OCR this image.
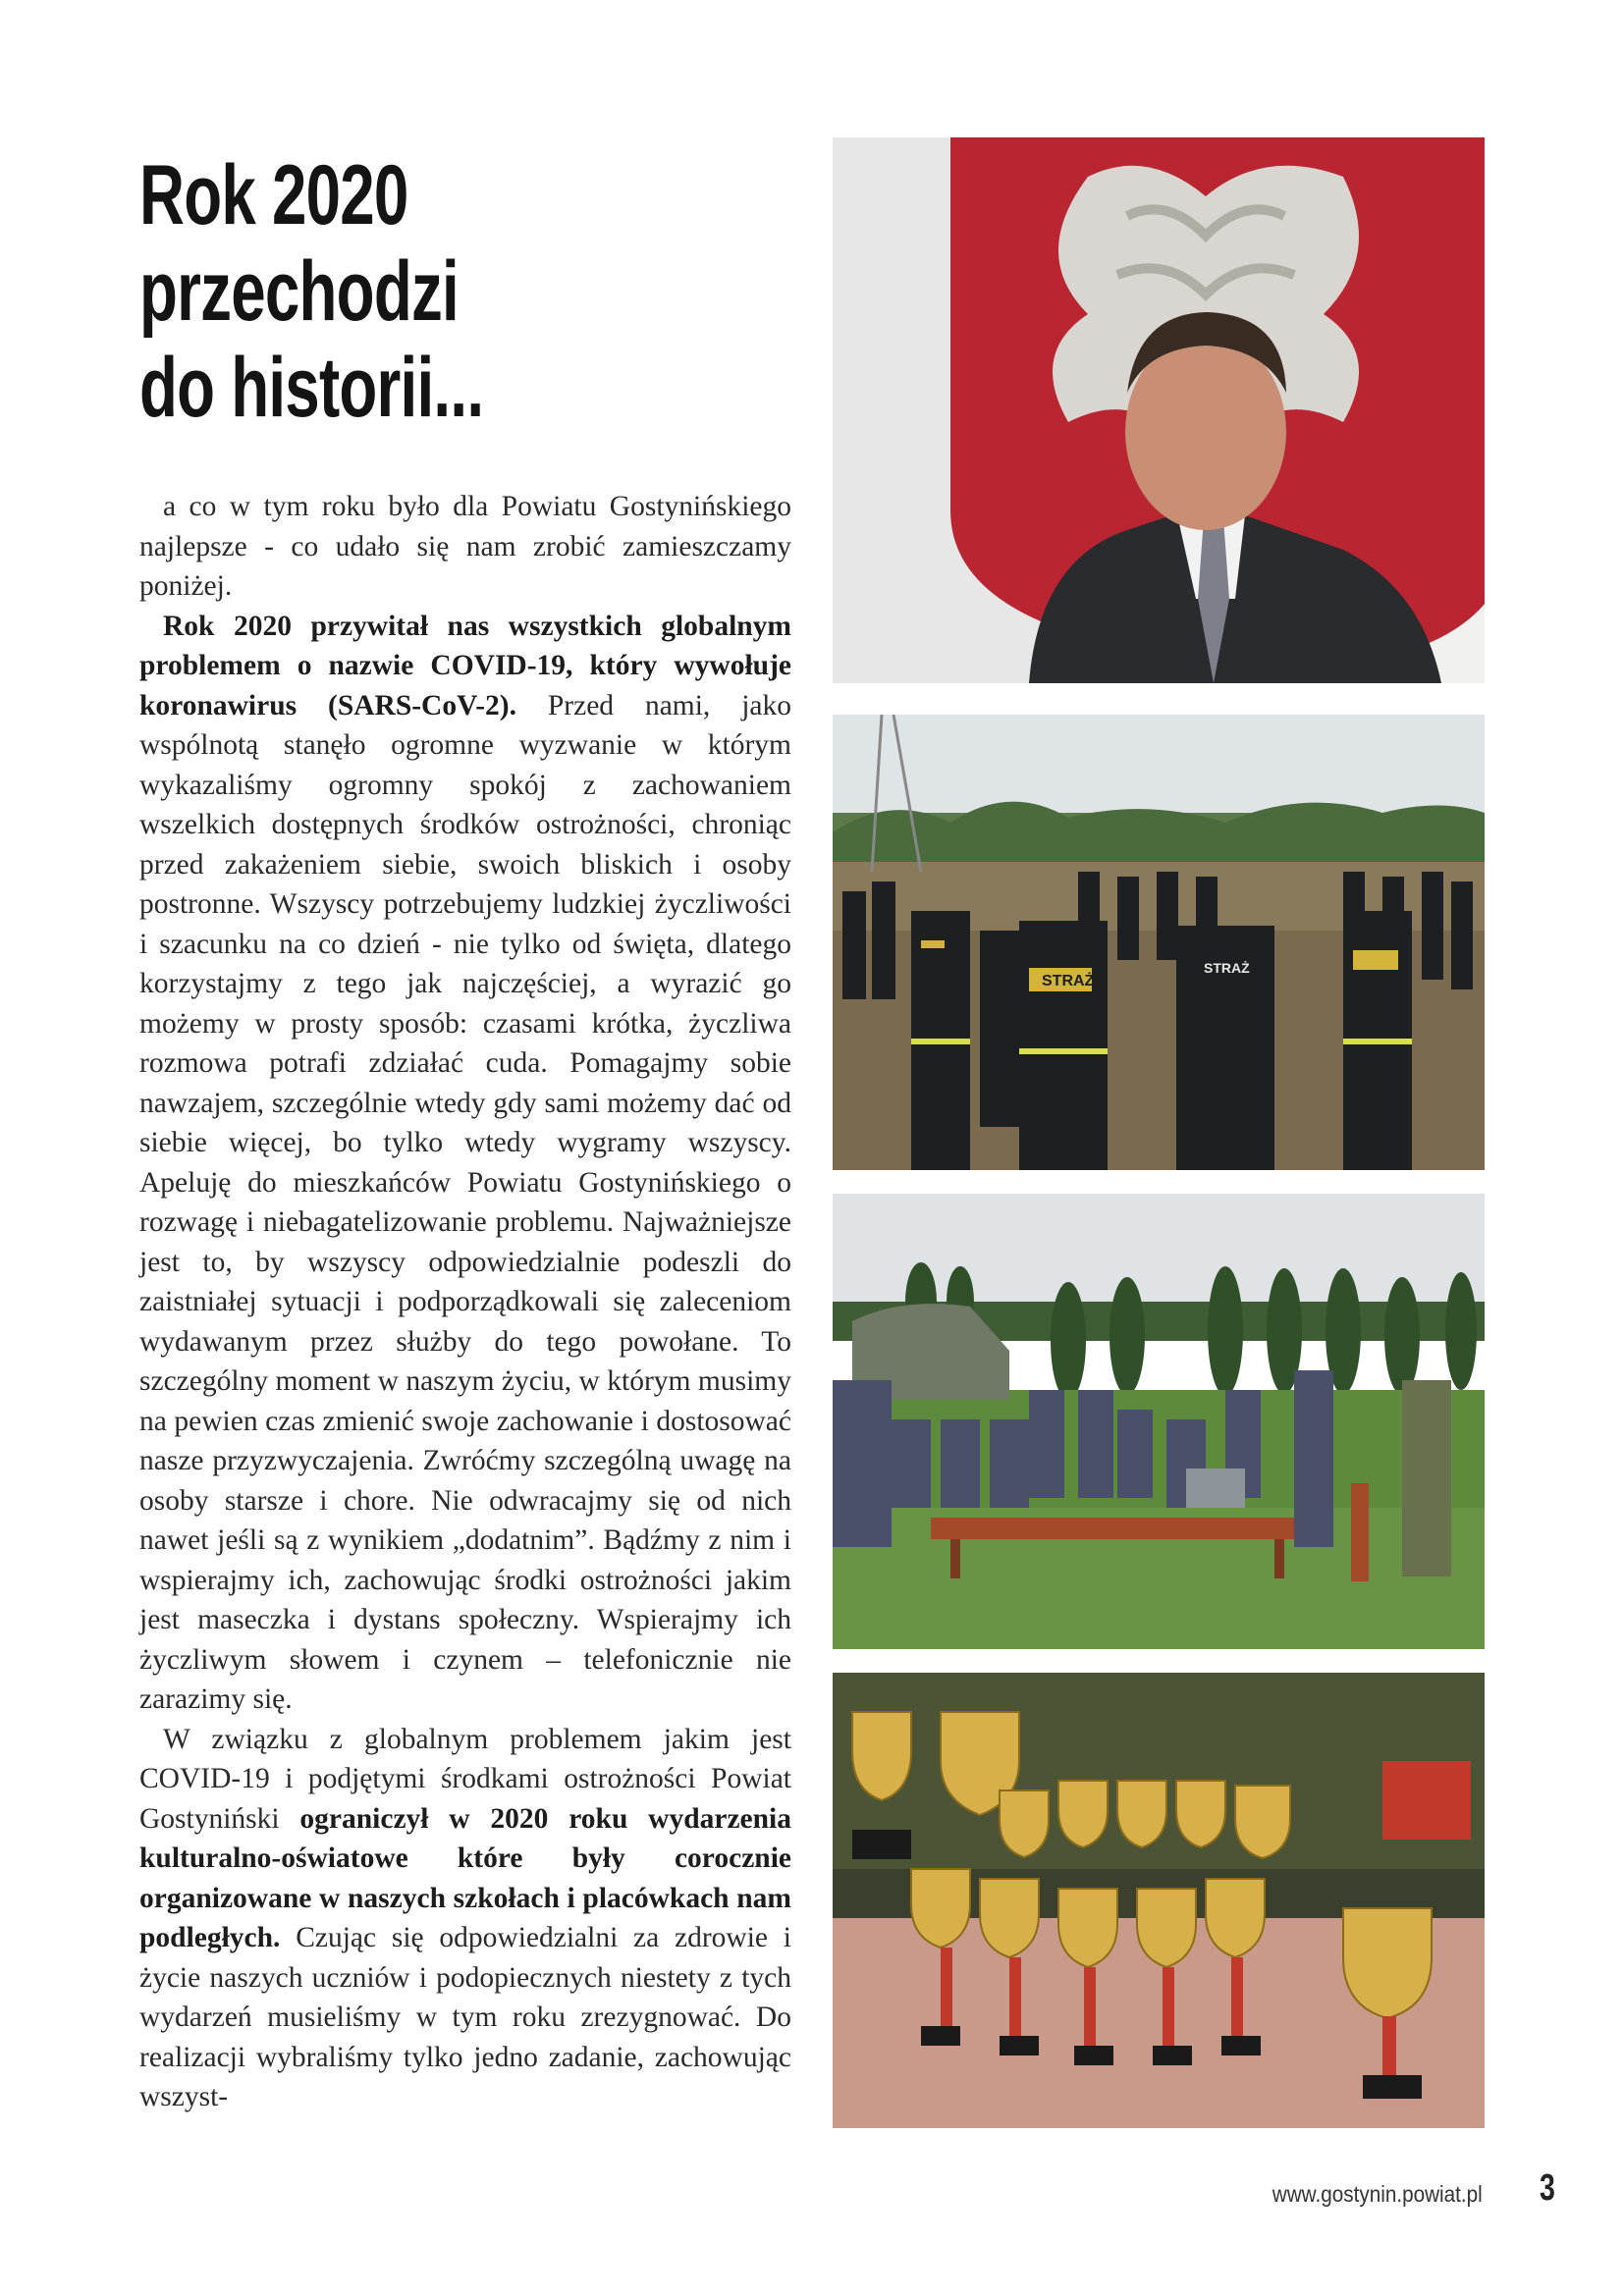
Rok 2020
przechodzi
do historii...

a co w tym roku było dla Powiatu Gostynińskiego najlepsze - co udało się nam zrobić zamieszczamy poniżej.

Rok 2020 przywitał nas wszystkich globalnym problemem o nazwie COVID-19, który wywołuje koronawirus (SARS-CoV-2). Przed nami, jako wspólnotą stanęło ogromne wyzwanie w którym wykazaliśmy ogromny spokój z zachowaniem wszelkich dostępnych środków ostrożności, chroniąc przed zakażeniem siebie, swoich bliskich i osoby postronne. Wszyscy potrzebujemy ludzkiej życzliwości i szacunku na co dzień - nie tylko od święta, dlatego korzystajmy z tego jak najczęściej, a wyrazić go możemy w prosty sposób: czasami krótka, życzliwa rozmowa potrafi zdziałać cuda. Pomagajmy sobie nawzajem, szczególnie wtedy gdy sami możemy dać od siebie więcej, bo tylko wtedy wygramy wszyscy. Apeluję do mieszkańców Powiatu Gostynińskiego o rozwagę i niebagatelizowanie problemu. Najważniejsze jest to, by wszyscy odpowiedzialnie podeszli do zaistniałej sytuacji i podporządkowali się zaleceniom wydawanym przez służby do tego powołane. To szczególny moment w naszym życiu, w którym musimy na pewien czas zmienić swoje zachowanie i dostosować nasze przyzwyczajenia. Zwróćmy szczególną uwagę na osoby starsze i chore. Nie odwracajmy się od nich nawet jeśli są z wynikiem „dodatnim”. Bądźmy z nim i wspierajmy ich, zachowując środki ostrożności jakim jest maseczka i dystans społeczny. Wspierajmy ich życzliwym słowem i czynem – telefonicznie nie zarazimy się.

W związku z globalnym problemem jakim jest COVID-19 i podjętymi środkami ostrożności Powiat Gostyniński ograniczył w 2020 roku wydarzenia kulturalno-oświatowe które były corocznie organizowane w naszych szkołach i placówkach nam podległych. Czując się odpowiedzialni za zdrowie i życie naszych uczniów i podopiecznych niestety z tych wydarzeń musieliśmy w tym roku zrezygnować. Do realizacji wybraliśmy tylko jedno zadanie, zachowując wszyst-

STRAŻ
STRAŻ
www.gostynin.powiat.pl 3
